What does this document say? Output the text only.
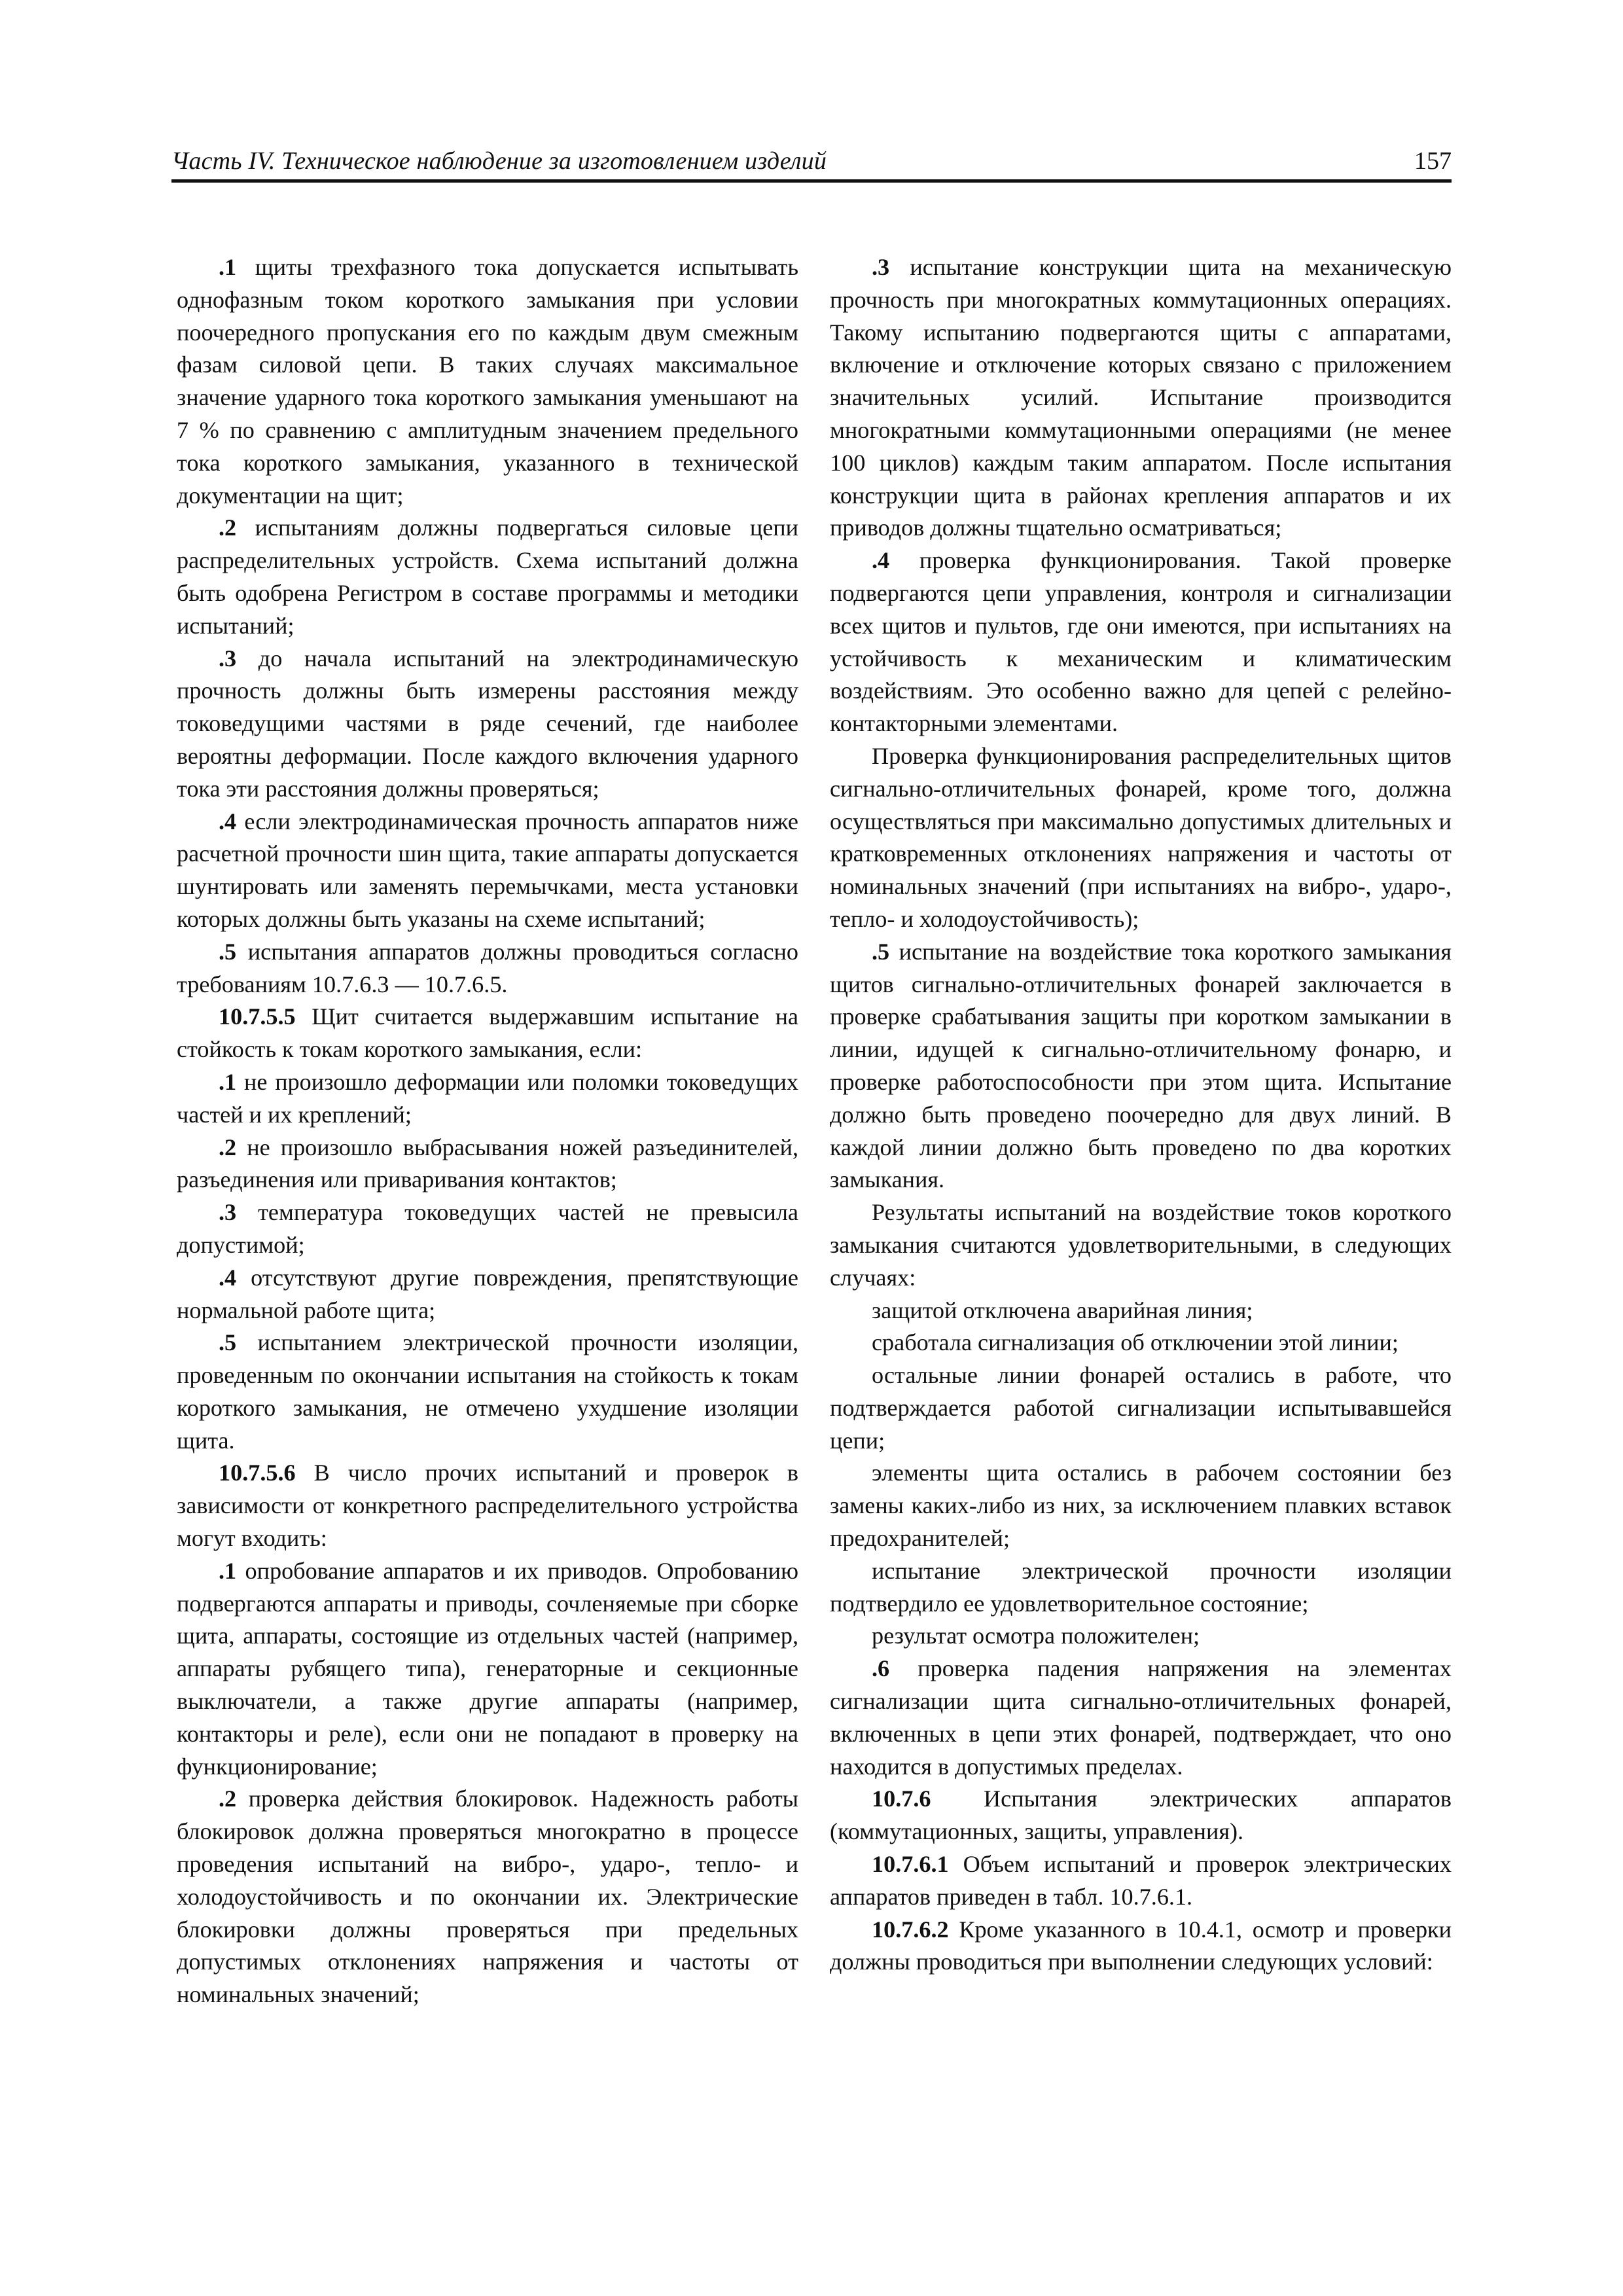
Часть IV. Техническое наблюдение за изготовлением изделий	157

.1 щиты трехфазного тока допускается испытывать однофазным током короткого замыкания при условии поочередного пропускания его по каждым двум смежным фазам силовой цепи. В таких случаях максимальное значение ударного тока короткого замыкания уменьшают на 7 % по сравнению с амплитудным значением предельного тока короткого замыкания, указанного в технической документации на щит;

.2 испытаниям должны подвергаться силовые цепи распределительных устройств. Схема испытаний должна быть одобрена Регистром в составе программы и методики испытаний;

.3 до начала испытаний на электродинамическую прочность должны быть измерены расстояния между токоведущими частями в ряде сечений, где наиболее вероятны деформации. После каждого включения ударного тока эти расстояния должны проверяться;

.4 если электродинамическая прочность аппаратов ниже расчетной прочности шин щита, такие аппараты допускается шунтировать или заменять перемычками, места установки которых должны быть указаны на схеме испытаний;

.5 испытания аппаратов должны проводиться согласно требованиям 10.7.6.3 — 10.7.6.5.

10.7.5.5 Щит считается выдержавшим испытание на стойкость к токам короткого замыкания, если:

.1 не произошло деформации или поломки токоведущих частей и их креплений;

.2 не произошло выбрасывания ножей разъединителей, разъединения или приваривания контактов;

.3 температура токоведущих частей не превысила допустимой;

.4 отсутствуют другие повреждения, препятствующие нормальной работе щита;

.5 испытанием электрической прочности изоляции, проведенным по окончании испытания на стойкость к токам короткого замыкания, не отмечено ухудшение изоляции щита.

10.7.5.6 В число прочих испытаний и проверок в зависимости от конкретного распределительного устройства могут входить:

.1 опробование аппаратов и их приводов. Опробованию подвергаются аппараты и приводы, сочленяемые при сборке щита, аппараты, состоящие из отдельных частей (например, аппараты рубящего типа), генераторные и секционные выключатели, а также другие аппараты (например, контакторы и реле), если они не попадают в проверку на функционирование;

.2 проверка действия блокировок. Надежность работы блокировок должна проверяться многократно в процессе проведения испытаний на вибро-, ударо-, тепло- и холодоустойчивость и по окончании их. Электрические блокировки должны проверяться при предельных допустимых отклонениях напряжения и частоты от номинальных значений;

.3 испытание конструкции щита на механическую прочность при многократных коммутационных операциях. Такому испытанию подвергаются щиты с аппаратами, включение и отключение которых связано с приложением значительных усилий. Испытание производится многократными коммутационными операциями (не менее 100 циклов) каждым таким аппаратом. После испытания конструкции щита в районах крепления аппаратов и их приводов должны тщательно осматриваться;

.4 проверка функционирования. Такой проверке подвергаются цепи управления, контроля и сигнализации всех щитов и пультов, где они имеются, при испытаниях на устойчивость к механическим и климатическим воздействиям. Это особенно важно для цепей с релейно-контакторными элементами.

Проверка функционирования распределительных щитов сигнально-отличительных фонарей, кроме того, должна осуществляться при максимально допустимых длительных и кратковременных отклонениях напряжения и частоты от номинальных значений (при испытаниях на вибро-, ударо-, тепло- и холодоустойчивость);

.5 испытание на воздействие тока короткого замыкания щитов сигнально-отличительных фонарей заключается в проверке срабатывания защиты при коротком замыкании в линии, идущей к сигнально-отличительному фонарю, и проверке работоспособности при этом щита. Испытание должно быть проведено поочередно для двух линий. В каждой линии должно быть проведено по два коротких замыкания.

Результаты испытаний на воздействие токов короткого замыкания считаются удовлетворительными, в следующих случаях:

защитой отключена аварийная линия;

сработала сигнализация об отключении этой линии;

остальные линии фонарей остались в работе, что подтверждается работой сигнализации испытывавшейся цепи;

элементы щита остались в рабочем состоянии без замены каких-либо из них, за исключением плавких вставок предохранителей;

испытание электрической прочности изоляции подтвердило ее удовлетворительное состояние;

результат осмотра положителен;

.6 проверка падения напряжения на элементах сигнализации щита сигнально-отличительных фонарей, включенных в цепи этих фонарей, подтверждает, что оно находится в допустимых пределах.

10.7.6 Испытания электрических аппаратов (коммутационных, защиты, управления).

10.7.6.1 Объем испытаний и проверок электрических аппаратов приведен в табл. 10.7.6.1.

10.7.6.2 Кроме указанного в 10.4.1, осмотр и проверки должны проводиться при выполнении следующих условий:
